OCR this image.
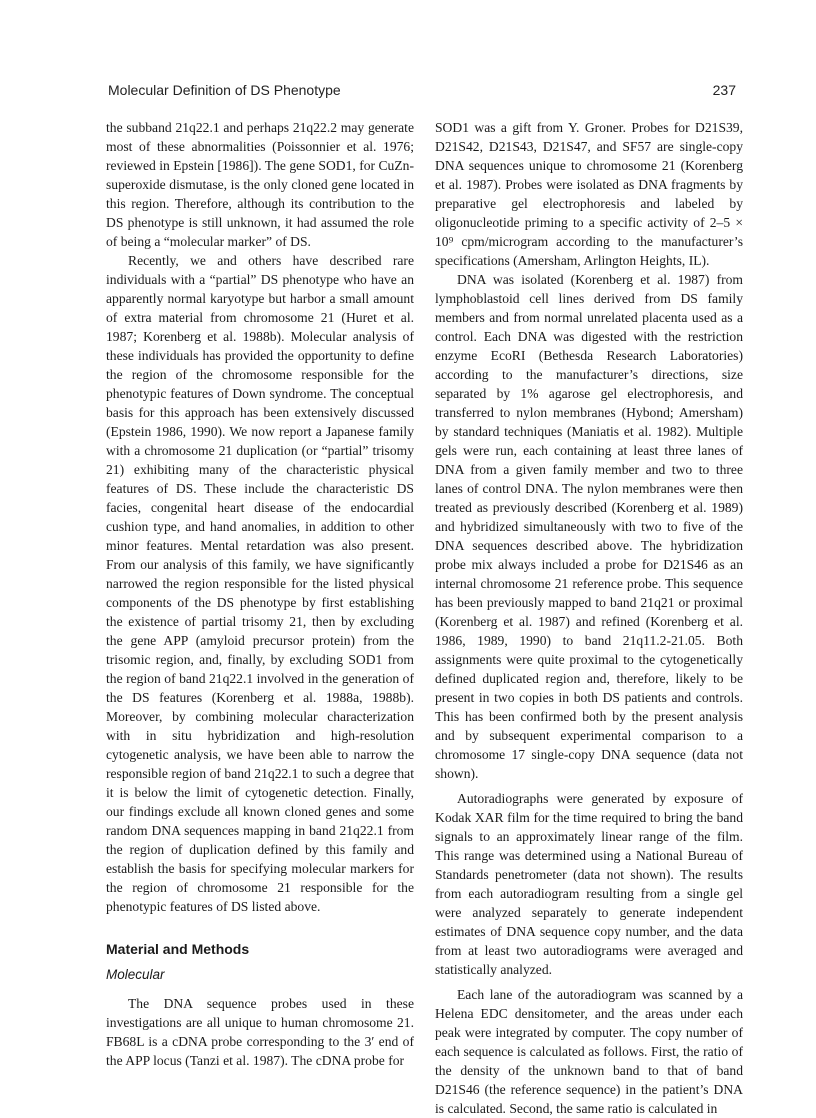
Molecular Definition of DS Phenotype	237

the subband 21q22.1 and perhaps 21q22.2 may generate most of these abnormalities (Poissonnier et al. 1976; reviewed in Epstein [1986]). The gene SOD1, for CuZn-superoxide dismutase, is the only cloned gene located in this region. Therefore, although its contribution to the DS phenotype is still unknown, it had assumed the role of being a “molecular marker” of DS.

Recently, we and others have described rare individuals with a “partial” DS phenotype who have an apparently normal karyotype but harbor a small amount of extra material from chromosome 21 (Huret et al. 1987; Korenberg et al. 1988b). Molecular analysis of these individuals has provided the opportunity to define the region of the chromosome responsible for the phenotypic features of Down syndrome. The conceptual basis for this approach has been extensively discussed (Epstein 1986, 1990). We now report a Japanese family with a chromosome 21 duplication (or “partial” trisomy 21) exhibiting many of the characteristic physical features of DS. These include the characteristic DS facies, congenital heart disease of the endocardial cushion type, and hand anomalies, in addition to other minor features. Mental retardation was also present. From our analysis of this family, we have significantly narrowed the region responsible for the listed physical components of the DS phenotype by first establishing the existence of partial trisomy 21, then by excluding the gene APP (amyloid precursor protein) from the trisomic region, and, finally, by excluding SOD1 from the region of band 21q22.1 involved in the generation of the DS features (Korenberg et al. 1988a, 1988b). Moreover, by combining molecular characterization with in situ hybridization and high-resolution cytogenetic analysis, we have been able to narrow the responsible region of band 21q22.1 to such a degree that it is below the limit of cytogenetic detection. Finally, our findings exclude all known cloned genes and some random DNA sequences mapping in band 21q22.1 from the region of duplication defined by this family and establish the basis for specifying molecular markers for the region of chromosome 21 responsible for the phenotypic features of DS listed above.

Material and Methods
Molecular

The DNA sequence probes used in these investigations are all unique to human chromosome 21. FB68L is a cDNA probe corresponding to the 3′ end of the APP locus (Tanzi et al. 1987). The cDNA probe for

SOD1 was a gift from Y. Groner. Probes for D21S39, D21S42, D21S43, D21S47, and SF57 are single-copy DNA sequences unique to chromosome 21 (Korenberg et al. 1987). Probes were isolated as DNA fragments by preparative gel electrophoresis and labeled by oligonucleotide priming to a specific activity of 2–5 × 10⁹ cpm/microgram according to the manufacturer’s specifications (Amersham, Arlington Heights, IL).

DNA was isolated (Korenberg et al. 1987) from lymphoblastoid cell lines derived from DS family members and from normal unrelated placenta used as a control. Each DNA was digested with the restriction enzyme EcoRI (Bethesda Research Laboratories) according to the manufacturer’s directions, size separated by 1% agarose gel electrophoresis, and transferred to nylon membranes (Hybond; Amersham) by standard techniques (Maniatis et al. 1982). Multiple gels were run, each containing at least three lanes of DNA from a given family member and two to three lanes of control DNA. The nylon membranes were then treated as previously described (Korenberg et al. 1989) and hybridized simultaneously with two to five of the DNA sequences described above. The hybridization probe mix always included a probe for D21S46 as an internal chromosome 21 reference probe. This sequence has been previously mapped to band 21q21 or proximal (Korenberg et al. 1987) and refined (Korenberg et al. 1986, 1989, 1990) to band 21q11.2-21.05. Both assignments were quite proximal to the cytogenetically defined duplicated region and, therefore, likely to be present in two copies in both DS patients and controls. This has been confirmed both by the present analysis and by subsequent experimental comparison to a chromosome 17 single-copy DNA sequence (data not shown).

Autoradiographs were generated by exposure of Kodak XAR film for the time required to bring the band signals to an approximately linear range of the film. This range was determined using a National Bureau of Standards penetrometer (data not shown). The results from each autoradiogram resulting from a single gel were analyzed separately to generate independent estimates of DNA sequence copy number, and the data from at least two autoradiograms were averaged and statistically analyzed.

Each lane of the autoradiogram was scanned by a Helena EDC densitometer, and the areas under each peak were integrated by computer. The copy number of each sequence is calculated as follows. First, the ratio of the density of the unknown band to that of band D21S46 (the reference sequence) in the patient’s DNA is calculated. Second, the same ratio is calculated in
